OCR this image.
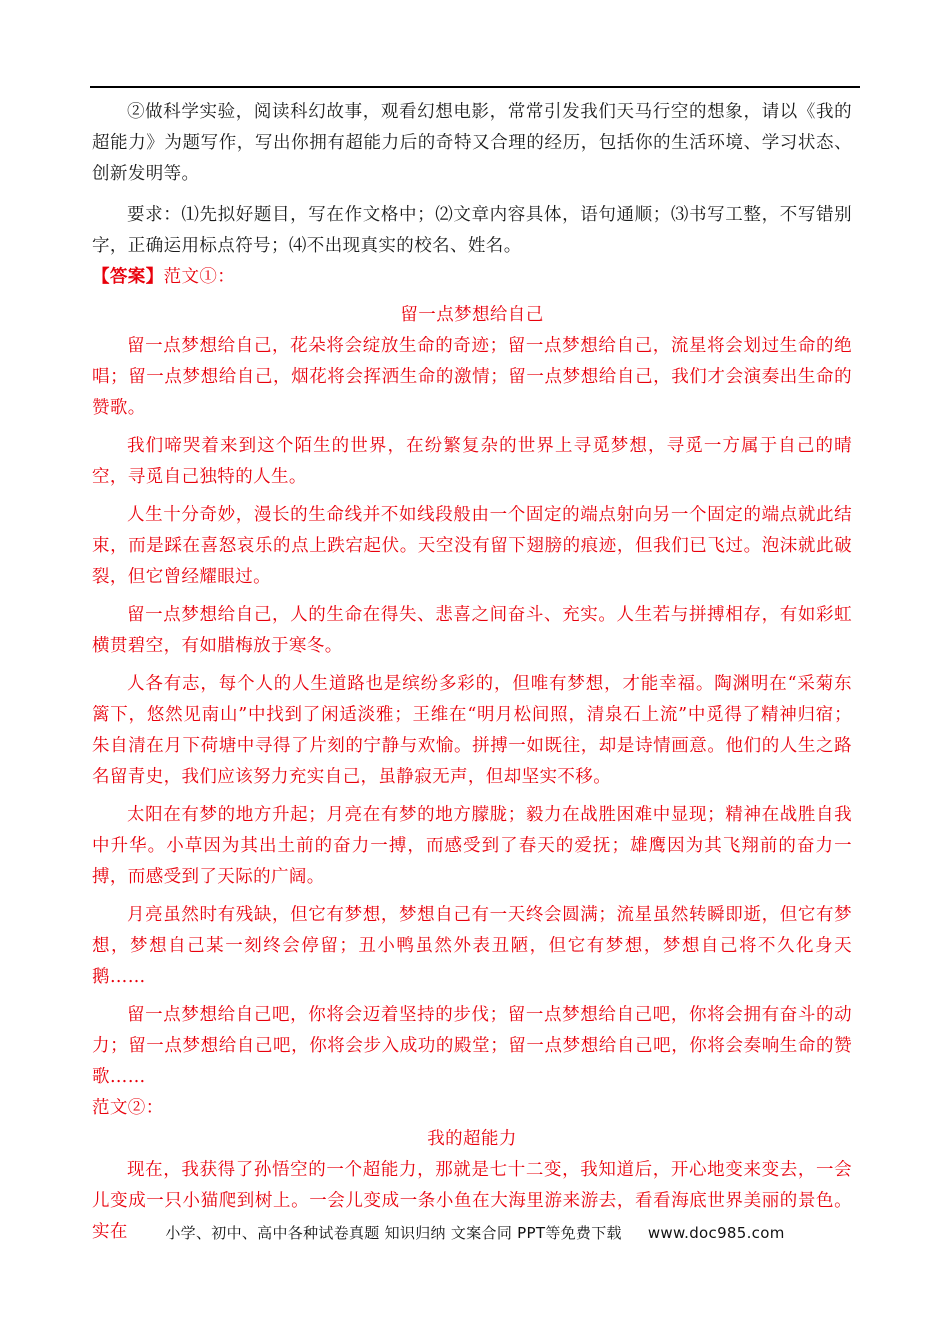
②做科学实验，阅读科幻故事，观看幻想电影，常常引发我们天马行空的想象，请以《我的超能力》为题写作，写出你拥有超能力后的奇特又合理的经历，包括你的生活环境、学习状态、创新发明等。

要求：⑴先拟好题目，写在作文格中；⑵文章内容具体，语句通顺；⑶书写工整，不写错别字，正确运用标点符号；⑷不出现真实的校名、姓名。

【答案】范文①：

留一点梦想给自己

留一点梦想给自己，花朵将会绽放生命的奇迹；留一点梦想给自己，流星将会划过生命的绝唱；留一点梦想给自己，烟花将会挥洒生命的激情；留一点梦想给自己，我们才会演奏出生命的赞歌。

我们啼哭着来到这个陌生的世界，在纷繁复杂的世界上寻觅梦想，寻觅一方属于自己的晴空，寻觅自己独特的人生。

人生十分奇妙，漫长的生命线并不如线段般由一个固定的端点射向另一个固定的端点就此结束，而是踩在喜怒哀乐的点上跌宕起伏。天空没有留下翅膀的痕迹，但我们已飞过。泡沫就此破裂，但它曾经耀眼过。

留一点梦想给自己，人的生命在得失、悲喜之间奋斗、充实。人生若与拼搏相存，有如彩虹横贯碧空，有如腊梅放于寒冬。

人各有志，每个人的人生道路也是缤纷多彩的，但唯有梦想，才能幸福。陶渊明在“采菊东篱下，悠然见南山”中找到了闲适淡雅；王维在“明月松间照，清泉石上流”中觅得了精神归宿；朱自清在月下荷塘中寻得了片刻的宁静与欢愉。拼搏一如既往，却是诗情画意。他们的人生之路名留青史，我们应该努力充实自己，虽静寂无声，但却坚实不移。

太阳在有梦的地方升起；月亮在有梦的地方朦胧；毅力在战胜困难中显现；精神在战胜自我中升华。小草因为其出土前的奋力一搏，而感受到了春天的爱抚；雄鹰因为其飞翔前的奋力一搏，而感受到了天际的广阔。

月亮虽然时有残缺，但它有梦想，梦想自己有一天终会圆满；流星虽然转瞬即逝，但它有梦想，梦想自己某一刻终会停留；丑小鸭虽然外表丑陋，但它有梦想，梦想自己将不久化身天鹅……

留一点梦想给自己吧，你将会迈着坚持的步伐；留一点梦想给自己吧，你将会拥有奋斗的动力；留一点梦想给自己吧，你将会步入成功的殿堂；留一点梦想给自己吧，你将会奏响生命的赞歌……

范文②：

我的超能力

现在，我获得了孙悟空的一个超能力，那就是七十二变，我知道后，开心地变来变去，一会儿变成一只小猫爬到树上。一会儿变成一条小鱼在大海里游来游去，看看海底世界美丽的景色。实在	小学、初中、高中各种试卷真题 知识归纳 文案合同 PPT等免费下载 www.doc985.com
